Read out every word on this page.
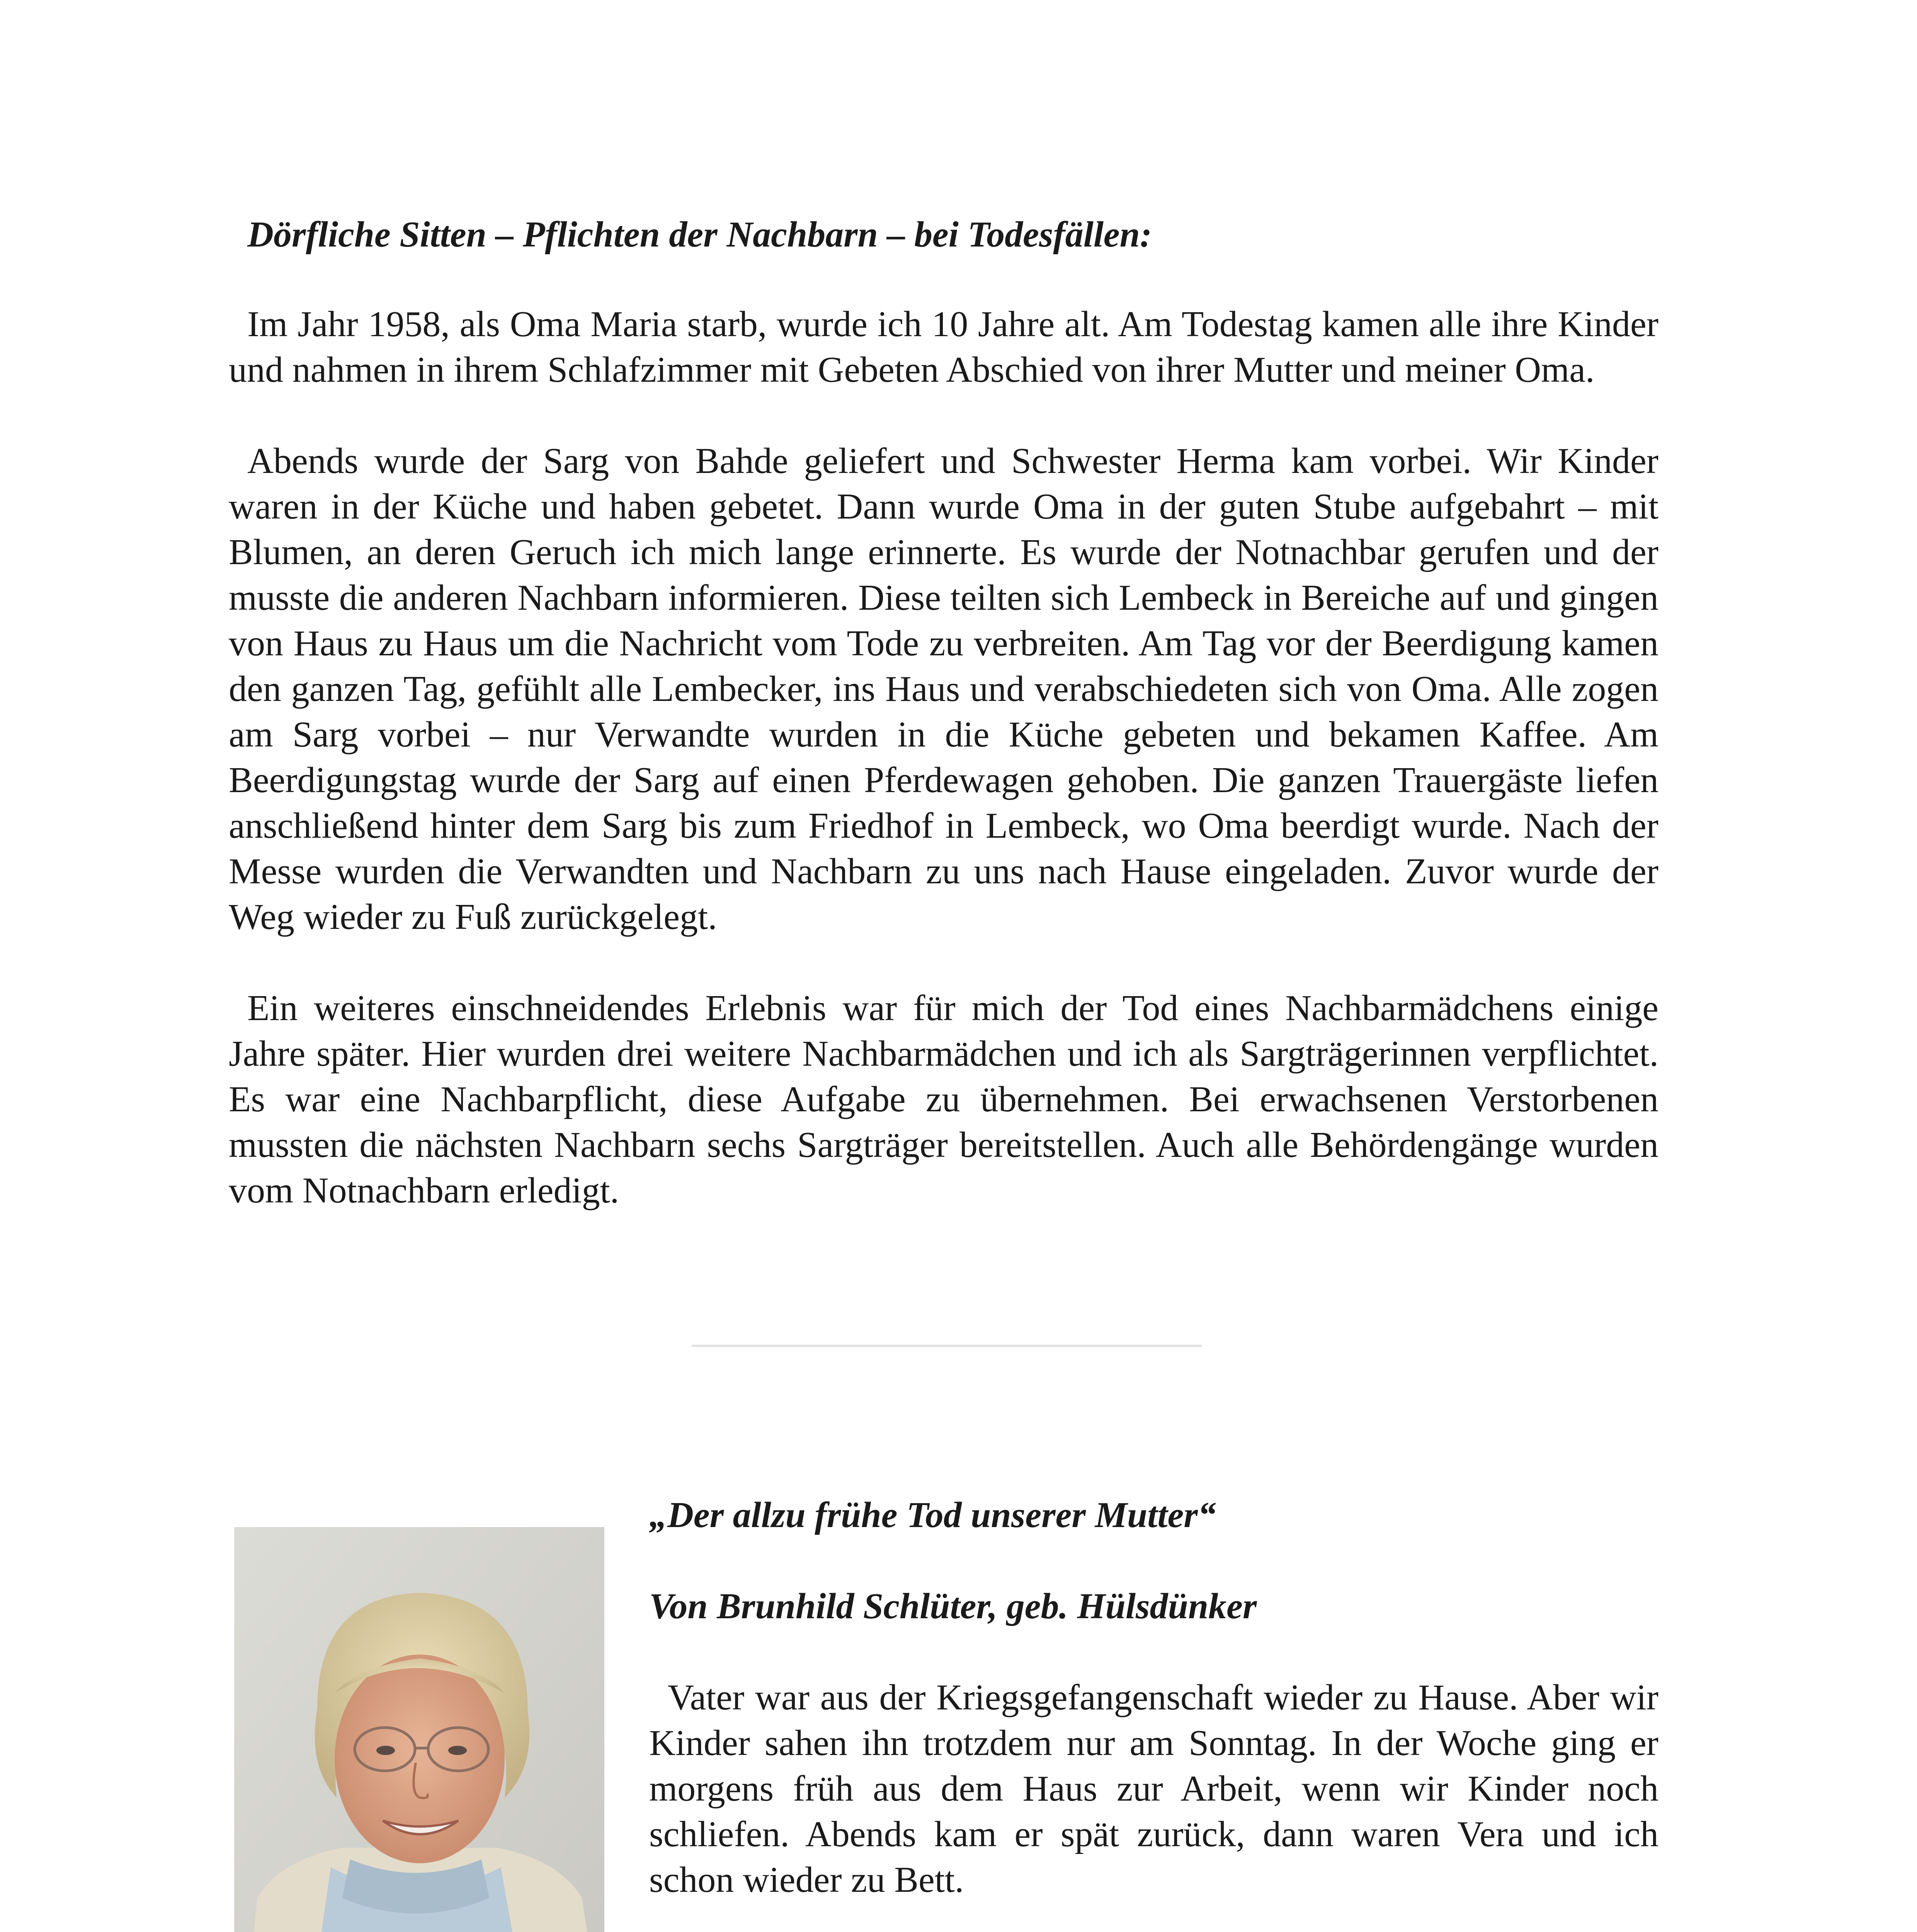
Dörfliche Sitten – Pflichten der Nachbarn – bei Todesfällen:

Im Jahr 1958, als Oma Maria starb, wurde ich 10 Jahre alt. Am Todestag kamen alle ihre Kinder und nahmen in ihrem Schlafzimmer mit Gebeten Abschied von ihrer Mutter und meiner Oma.

Abends wurde der Sarg von Bahde geliefert und Schwester Herma kam vorbei. Wir Kinder waren in der Küche und haben gebetet. Dann wurde Oma in der guten Stube aufgebahrt – mit Blumen, an deren Geruch ich mich lange erinnerte. Es wurde der Notnachbar gerufen und der musste die anderen Nachbarn informieren. Diese teilten sich Lembeck in Bereiche auf und gingen von Haus zu Haus um die Nachricht vom Tode zu verbreiten. Am Tag vor der Beerdigung kamen den ganzen Tag, gefühlt alle Lembecker, ins Haus und verabschiedeten sich von Oma. Alle zogen am Sarg vorbei – nur Verwandte wurden in die Küche gebeten und bekamen Kaffee. Am Beerdigungstag wurde der Sarg auf einen Pferdewagen gehoben. Die ganzen Trauergäste liefen anschließend hinter dem Sarg bis zum Friedhof in Lembeck, wo Oma beerdigt wurde. Nach der Messe wurden die Verwandten und Nachbarn zu uns nach Hause eingeladen. Zuvor wurde der Weg wieder zu Fuß zurückgelegt.

Ein weiteres einschneidendes Erlebnis war für mich der Tod eines Nachbarmädchens einige Jahre später. Hier wurden drei weitere Nachbarmädchen und ich als Sargträgerinnen verpflichtet. Es war eine Nachbarpflicht, diese Aufgabe zu übernehmen. Bei erwachsenen Verstorbenen mussten die nächsten Nachbarn sechs Sargträger bereitstellen. Auch alle Behördengänge wurden vom Notnachbarn erledigt.

„Der allzu frühe Tod unserer Mutter“
Von Brunhild Schlüter, geb. Hülsdünker

Vater war aus der Kriegsgefangenschaft wieder zu Hause. Aber wir Kinder sahen ihn trotzdem nur am Sonntag. In der Woche ging er morgens früh aus dem Haus zur Arbeit, wenn wir Kinder noch schliefen. Abends kam er spät zurück, dann waren Vera und ich schon wieder zu Bett.
